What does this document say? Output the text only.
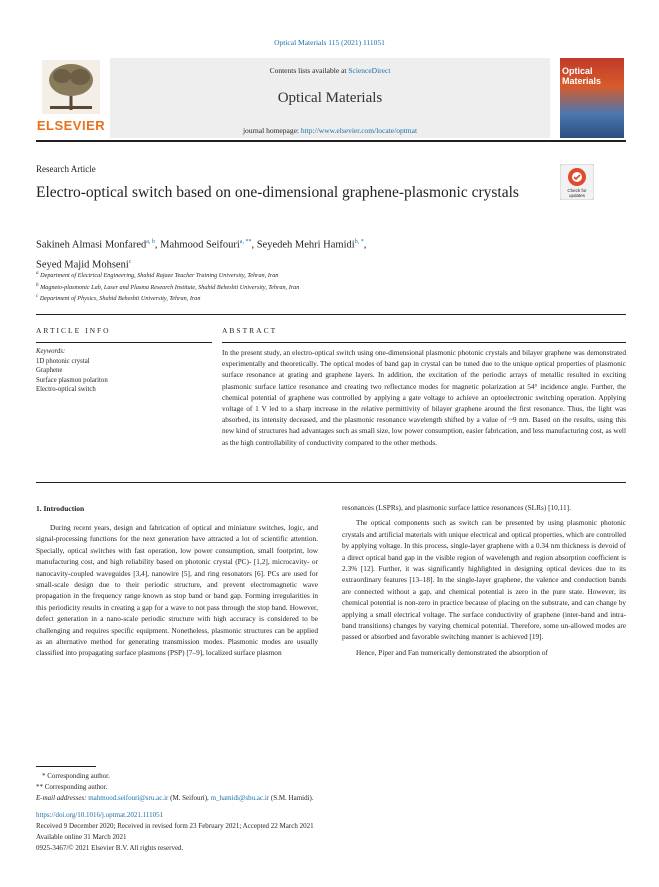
Optical Materials 115 (2021) 111051
ELSEVIER
Contents lists available at ScienceDirect
Optical Materials
journal homepage: http://www.elsevier.com/locate/optmat
Optical Materials
Research Article
Electro-optical switch based on one-dimensional graphene-plasmonic crystals	Check for updates
Sakineh Almasi Monfared$^{a, b}$, Mahmood Seifouri$^{a, **}$, Seyedeh Mehri Hamidi$^{b, *}$,
Seyed Majid Mohseni$^c$
$^a$ Department of Electrical Engineering, Shahid Rajaee Teacher Training University, Tehran, Iran
$^b$ Magneto-plasmonic Lab, Laser and Plasma Research Institute, Shahid Beheshti University, Tehran, Iran
$^c$ Department of Physics, Shahid Beheshti University, Tehran, Iran
ARTICLE INFO	ABSTRACT
Keywords:
1D photonic crystal
Graphene
Surface plasmon polariton
Electro-optical switch
In the present study, an electro-optical switch using one-dimensional plasmonic photonic crystals and bilayer graphene was demonstrated experimentally and theoretically. The optical modes of band gap in crystal can be tuned due to the unique optical properties of plasmonic surface resonance at grating and graphene layers. In addition, the excitation of the periodic arrays of metallic resulted in exciting plasmonic surface lattice resonance and creating two reflectance modes for magnetic polarization at 54° incidence angle. Further, the chemical potential of graphene was controlled by applying a gate voltage to achieve an optoelectronic switching operation. Applying voltage of 1 V led to a sharp increase in the relative permittivity of bilayer graphene around the first resonance. Thus, the light was absorbed, its intensity deceased, and the plasmonic resonance wavelength shifted by a value of ~9 nm. Based on the results, using this new kind of structures had advantages such as small size, low power consumption, easier fabrication, and less manufacturing cost, as well as the high controllability of conductivity compared to the other methods.
1. Introduction

During recent years, design and fabrication of optical and miniature switches, logic, and signal-processing functions for the next generation have attracted a lot of scientific attention. Specially, optical switches with fast operation, low power consumption, small footprint, low manufacturing cost, and high reliability based on photonic crystal (PC)- [1,2], microcavity- or nanocavity-coupled waveguides [3,4], nanowire [5], and ring resonators [6]. PCs are used for small-scale design due to their periodic structure, and prevent electromagnetic wave propagation in the frequency range known as stop band or band gap. Forming irregularities in this periodicity results in creating a gap for a wave to not pass through the stop band. However, defect generation in a nano-scale periodic structure with high accuracy is considered to be challenging and requires specific equipment. Nonetheless, plasmonic structures can be applied as an alternative method for generating transmission modes. Plasmonic modes are usually classified into propagating surface plasmons (PSP) [7–9], localized surface plasmon

resonances (LSPRs), and plasmonic surface lattice resonances (SLRs) [10,11].

The optical components such as switch can be presented by using plasmonic photonic crystals and artificial materials with unique electrical and optical properties, which are controlled by applying voltage. In this process, single-layer graphene with a 0.34 nm thickness is devoid of a direct optical band gap in the visible region of wavelength and region absorption coefficient is 2.3% [12]. Further, it was significantly highlighted in designing optical devices due to its extraordinary features [13–18]. In the single-layer graphene, the valence and conduction bands are connected without a gap, and chemical potential is zero in the pure state. However, its chemical potential is non-zero in practice because of placing on the substrate, and can change by applying a small electrical voltage. The surface conductivity of graphene (inter-band and intra-band transitions) changes by varying chemical potential. Therefore, some un-allowed modes are passed or absorbed and favorable switching manner is achieved [19].

Hence, Piper and Fan numerically demonstrated the absorption of

* Corresponding author.

** Corresponding author.

E-mail addresses: mahmood.seifouri@sru.ac.ir (M. Seifouri), m_hamidi@sbu.ac.ir (S.M. Hamidi).

https://doi.org/10.1016/j.optmat.2021.111051

Received 9 December 2020; Received in revised form 23 February 2021; Accepted 22 March 2021

Available online 31 March 2021

0925-3467/© 2021 Elsevier B.V. All rights reserved.
